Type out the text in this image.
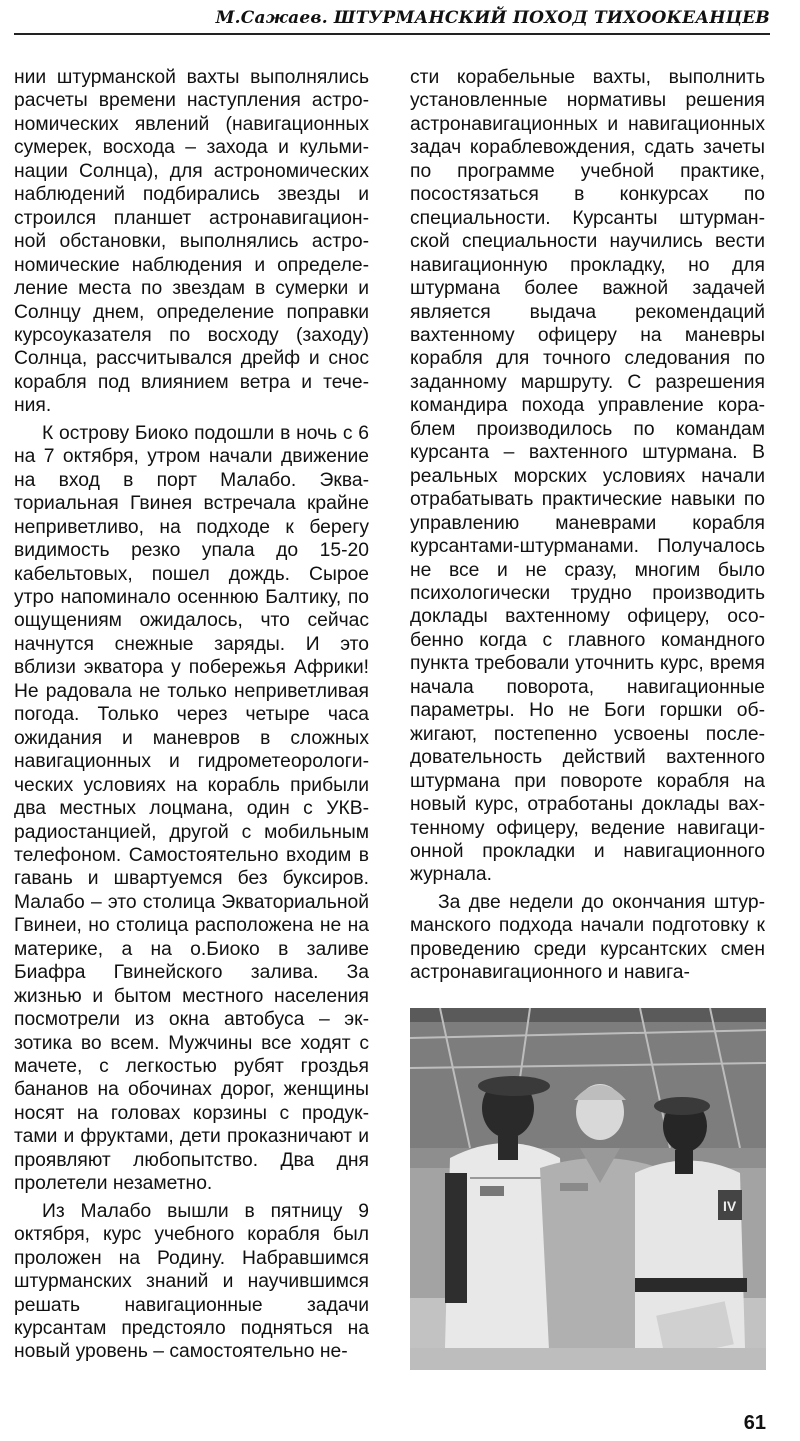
М.Сажаев. ШТУРМАНСКИЙ ПОХОД ТИХООКЕАНЦЕВ

нии штурманской вахты выполнялись расчеты времени наступления астрономических явлений (навигационных сумерек, восхода – захода и кульминации Солнца), для астрономических наблюдений подбирались звезды и строился планшет астронавигационной обстановки, выполнялись астрономические наблюдения и определеление места по звездам в сумерки и Солнцу днем, определение поправки курсоуказателя по восходу (заходу) Солнца, рассчитывался дрейф и снос корабля под влиянием ветра и течения.

К острову Биоко подошли в ночь с 6 на 7 октября, утром начали движение на вход в порт Малабо. Экваториальная Гвинея встречала крайне неприветливо, на подходе к берегу видимость резко упала до 15-20 кабельтовых, пошел дождь. Сырое утро напоминало осеннюю Балтику, по ощущениям ожидалось, что сейчас начнутся снежные заряды. И это вблизи экватора у побережья Африки! Не радовала не только неприветливая погода. Только через четыре часа ожидания и маневров в сложных навигационных и гидрометеорологических условиях на корабль прибыли два местных лоцмана, один с УКВ-радиостанцией, другой с мобильным телефоном. Самостоятельно входим в гавань и швартуемся без буксиров. Малабо – это столица Экваториальной Гвинеи, но столица расположена не на материке, а на о.Биоко в заливе Биафра Гвинейского залива. За жизнью и бытом местного населения посмотрели из окна автобуса – экзотика во всем. Мужчины все ходят с мачете, с легкостью рубят гроздья бананов на обочинах дорог, женщины носят на головах корзины с продуктами и фруктами, дети проказничают и проявляют любопытство. Два дня пролетели незаметно.

Из Малабо вышли в пятницу 9 октября, курс учебного корабля был проложен на Родину. Набравшимся штурманских знаний и научившимся решать навигационные задачи курсантам предстояло подняться на новый уровень – самостоятельно не-

сти корабельные вахты, выполнить установленные нормативы решения астронавигационных и навигационных задач кораблевождения, сдать зачеты по программе учебной практике, посостязаться в конкурсах по специальности. Курсанты штурманской специальности научились вести навигационную прокладку, но для штурмана более важной задачей является выдача рекомендаций вахтенному офицеру на маневры корабля для точного следования по заданному маршруту. С разрешения командира похода управление кораблем производилось по командам курсанта – вахтенного штурмана. В реальных морских условиях начали отрабатывать практические навыки по управлению маневрами корабля курсантами-штурманами. Получалось не все и не сразу, многим было психологически трудно производить доклады вахтенному офицеру, особенно когда с главного командного пункта требовали уточнить курс, время начала поворота, навигационные параметры. Но не Боги горшки обжигают, постепенно усвоены последовательность действий вахтенного штурмана при повороте корабля на новый курс, отработаны доклады вахтенному офицеру, ведение навигационной прокладки и навигационного журнала.

За две недели до окончания штурманского подхода начали подготовку к проведению среди курсантских смен астронавигационного и навига-

IV
61
